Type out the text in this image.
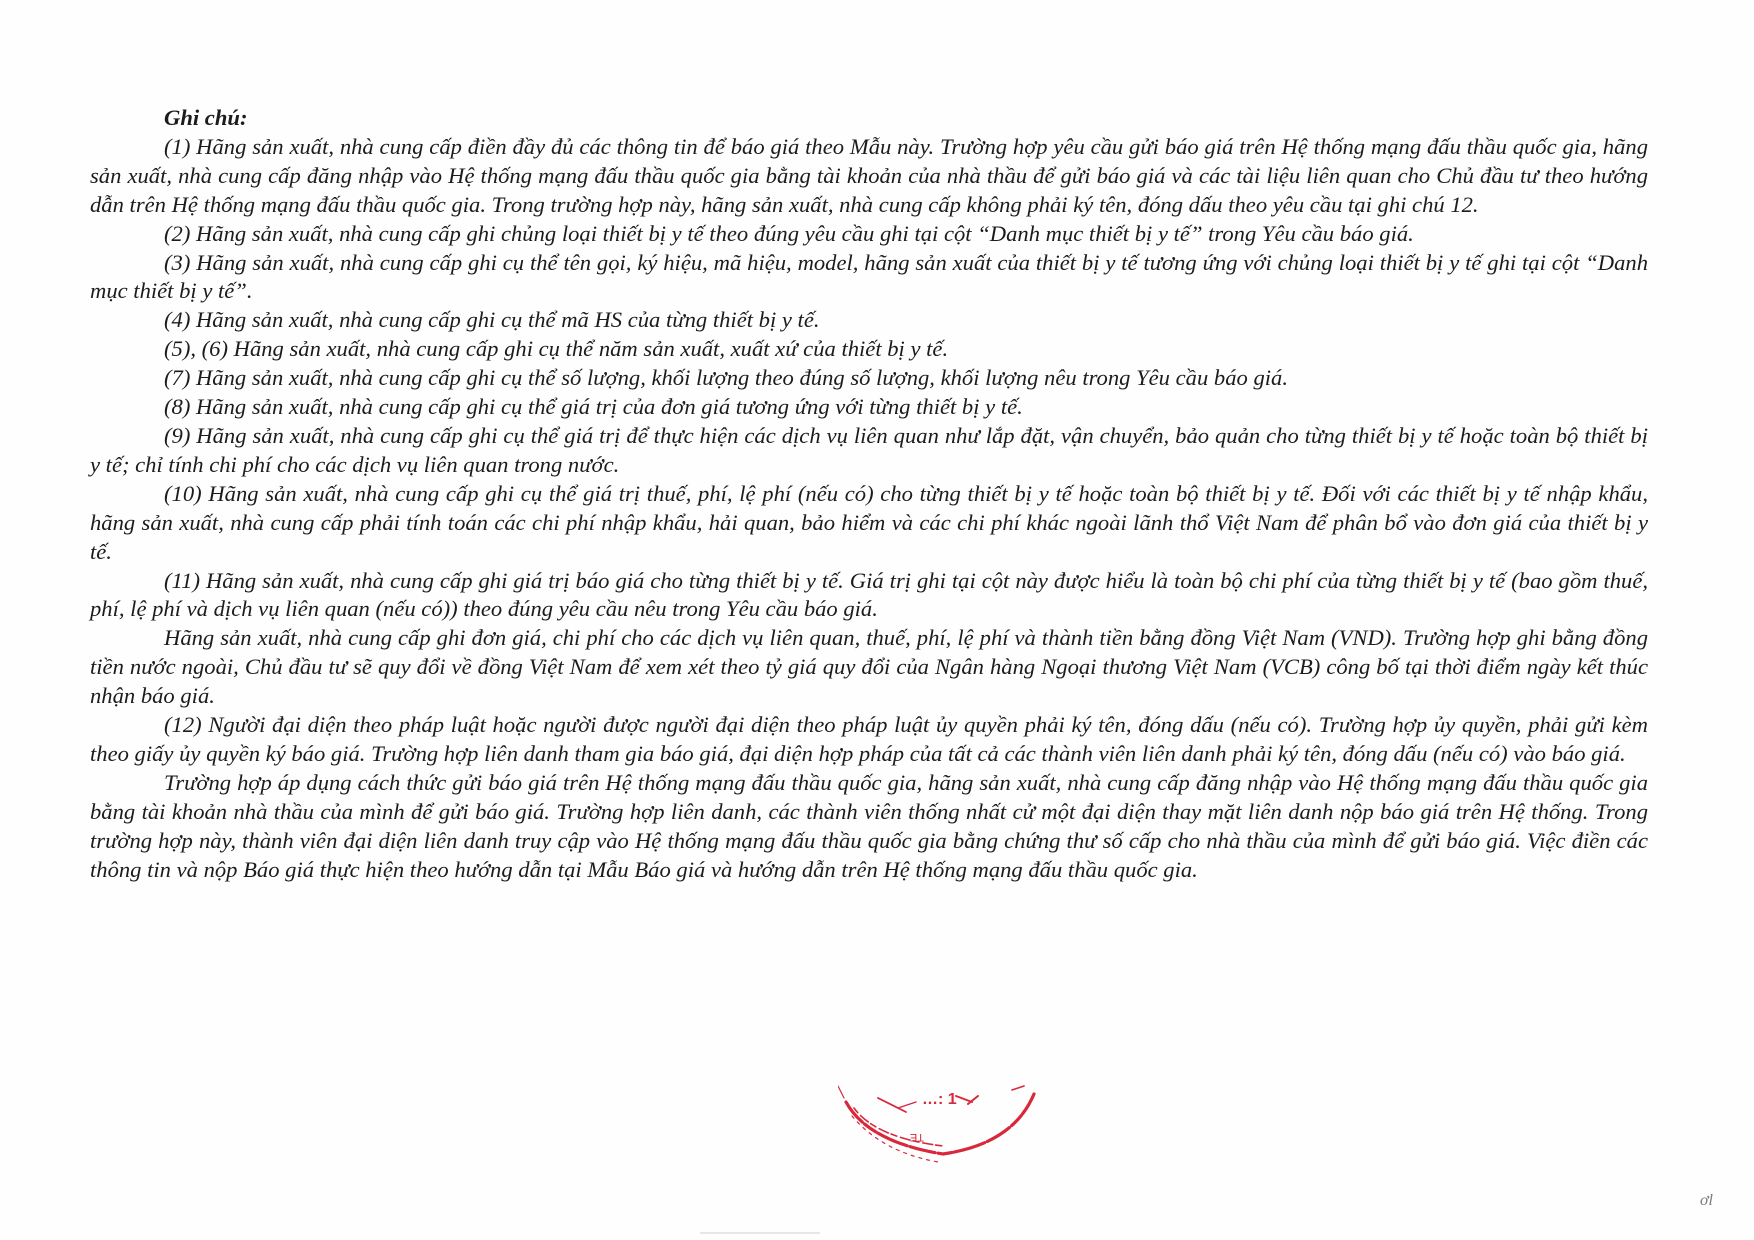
Ghi chú:

(1) Hãng sản xuất, nhà cung cấp điền đầy đủ các thông tin để báo giá theo Mẫu này. Trường hợp yêu cầu gửi báo giá trên Hệ thống mạng đấu thầu quốc gia, hãng sản xuất, nhà cung cấp đăng nhập vào Hệ thống mạng đấu thầu quốc gia bằng tài khoản của nhà thầu để gửi báo giá và các tài liệu liên quan cho Chủ đầu tư theo hướng dẫn trên Hệ thống mạng đấu thầu quốc gia. Trong trường hợp này, hãng sản xuất, nhà cung cấp không phải ký tên, đóng dấu theo yêu cầu tại ghi chú 12.

(2) Hãng sản xuất, nhà cung cấp ghi chủng loại thiết bị y tế theo đúng yêu cầu ghi tại cột “Danh mục thiết bị y tế” trong Yêu cầu báo giá.

(3) Hãng sản xuất, nhà cung cấp ghi cụ thể tên gọi, ký hiệu, mã hiệu, model, hãng sản xuất của thiết bị y tế tương ứng với chủng loại thiết bị y tế ghi tại cột “Danh mục thiết bị y tế”.

(4) Hãng sản xuất, nhà cung cấp ghi cụ thể mã HS của từng thiết bị y tế.

(5), (6) Hãng sản xuất, nhà cung cấp ghi cụ thể năm sản xuất, xuất xứ của thiết bị y tế.

(7) Hãng sản xuất, nhà cung cấp ghi cụ thể số lượng, khối lượng theo đúng số lượng, khối lượng nêu trong Yêu cầu báo giá.

(8) Hãng sản xuất, nhà cung cấp ghi cụ thể giá trị của đơn giá tương ứng với từng thiết bị y tế.

(9) Hãng sản xuất, nhà cung cấp ghi cụ thể giá trị để thực hiện các dịch vụ liên quan như lắp đặt, vận chuyển, bảo quản cho từng thiết bị y tế hoặc toàn bộ thiết bị y tế; chỉ tính chi phí cho các dịch vụ liên quan trong nước.

(10) Hãng sản xuất, nhà cung cấp ghi cụ thể giá trị thuế, phí, lệ phí (nếu có) cho từng thiết bị y tế hoặc toàn bộ thiết bị y tế. Đối với các thiết bị y tế nhập khẩu, hãng sản xuất, nhà cung cấp phải tính toán các chi phí nhập khẩu, hải quan, bảo hiểm và các chi phí khác ngoài lãnh thổ Việt Nam để phân bổ vào đơn giá của thiết bị y tế.

(11) Hãng sản xuất, nhà cung cấp ghi giá trị báo giá cho từng thiết bị y tế. Giá trị ghi tại cột này được hiểu là toàn bộ chi phí của từng thiết bị y tế (bao gồm thuế, phí, lệ phí và dịch vụ liên quan (nếu có)) theo đúng yêu cầu nêu trong Yêu cầu báo giá.

Hãng sản xuất, nhà cung cấp ghi đơn giá, chi phí cho các dịch vụ liên quan, thuế, phí, lệ phí và thành tiền bằng đồng Việt Nam (VND). Trường hợp ghi bằng đồng tiền nước ngoài, Chủ đầu tư sẽ quy đổi về đồng Việt Nam để xem xét theo tỷ giá quy đổi của Ngân hàng Ngoại thương Việt Nam (VCB) công bố tại thời điểm ngày kết thúc nhận báo giá.

(12) Người đại diện theo pháp luật hoặc người được người đại diện theo pháp luật ủy quyền phải ký tên, đóng dấu (nếu có). Trường hợp ủy quyền, phải gửi kèm theo giấy ủy quyền ký báo giá. Trường hợp liên danh tham gia báo giá, đại diện hợp pháp của tất cả các thành viên liên danh phải ký tên, đóng dấu (nếu có) vào báo giá.

Trường hợp áp dụng cách thức gửi báo giá trên Hệ thống mạng đấu thầu quốc gia, hãng sản xuất, nhà cung cấp đăng nhập vào Hệ thống mạng đấu thầu quốc gia bằng tài khoản nhà thầu của mình để gửi báo giá. Trường hợp liên danh, các thành viên thống nhất cử một đại diện thay mặt liên danh nộp báo giá trên Hệ thống. Trong trường hợp này, thành viên đại diện liên danh truy cập vào Hệ thống mạng đấu thầu quốc gia bằng chứng thư số cấp cho nhà thầu của mình để gửi báo giá. Việc điền các thông tin và nộp Báo giá thực hiện theo hướng dẫn tại Mẫu Báo giá và hướng dẫn trên Hệ thống mạng đấu thầu quốc gia.

…: 1
TE
ơl
